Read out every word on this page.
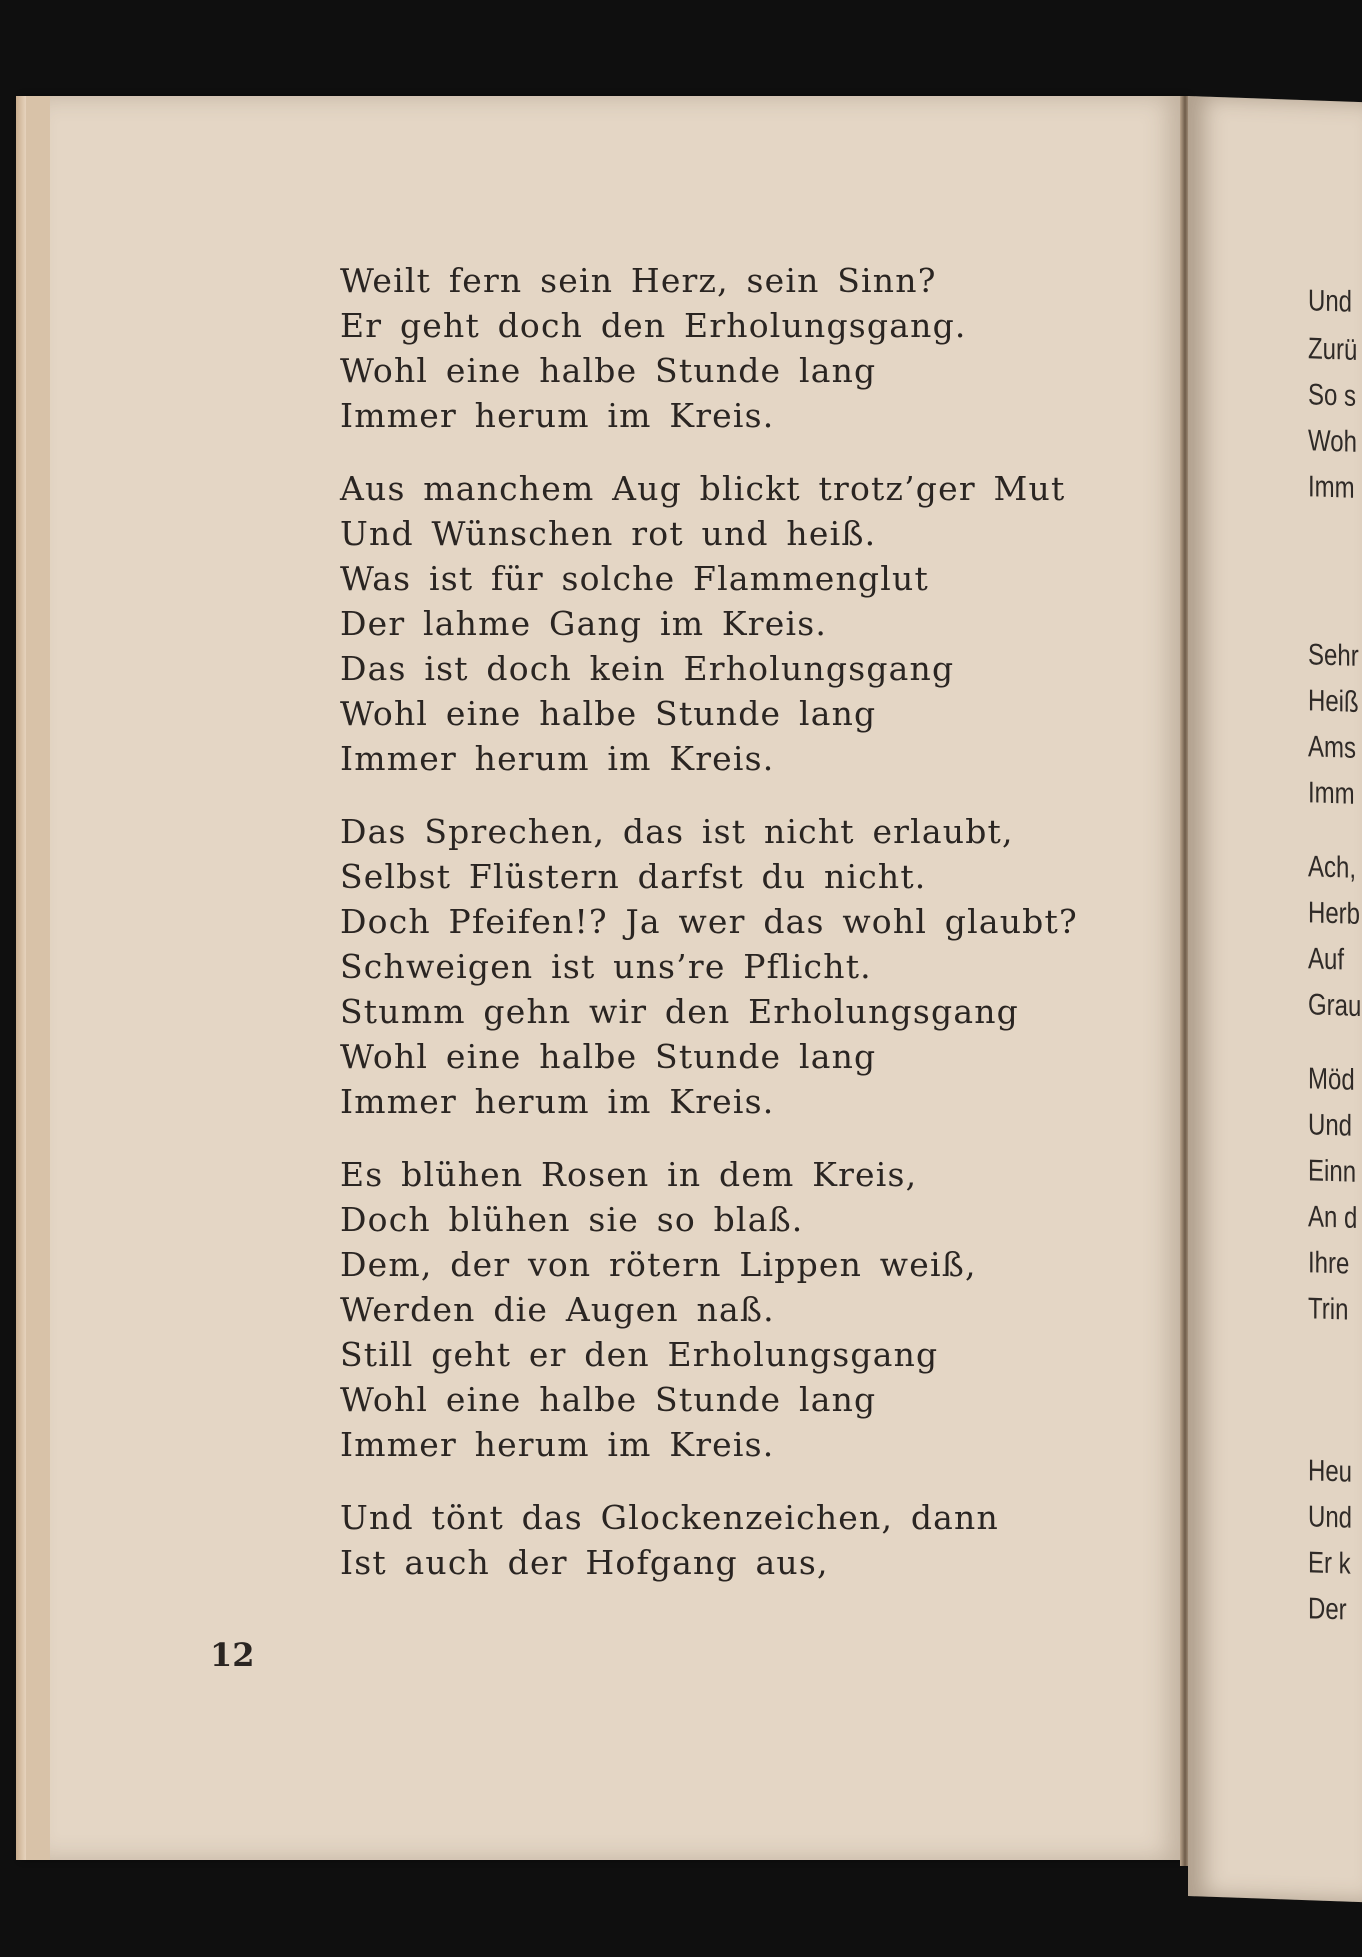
Und
Zurü
So s
Woh
Imm
Sehr
Heiß
Ams
Imm
Ach,
Herb
Auf
Grau
Möd
Und
Einn
An d
Ihre
Trin
Heu
Und
Er k
Der
Weilt fern sein Herz, sein Sinn?
Er geht doch den Erholungsgang.
Wohl eine halbe Stunde lang
Immer herum im Kreis.
Aus manchem Aug blickt trotz’ger Mut
Und Wünschen rot und heiß.
Was ist für solche Flammenglut
Der lahme Gang im Kreis.
Das ist doch kein Erholungsgang
Wohl eine halbe Stunde lang
Immer herum im Kreis.
Das Sprechen, das ist nicht erlaubt,
Selbst Flüstern darfst du nicht.
Doch Pfeifen!? Ja wer das wohl glaubt?
Schweigen ist uns’re Pflicht.
Stumm gehn wir den Erholungsgang
Wohl eine halbe Stunde lang
Immer herum im Kreis.
Es blühen Rosen in dem Kreis,
Doch blühen sie so blaß.
Dem, der von rötern Lippen weiß,
Werden die Augen naß.
Still geht er den Erholungsgang
Wohl eine halbe Stunde lang
Immer herum im Kreis.
Und tönt das Glockenzeichen, dann
Ist auch der Hofgang aus,
12
